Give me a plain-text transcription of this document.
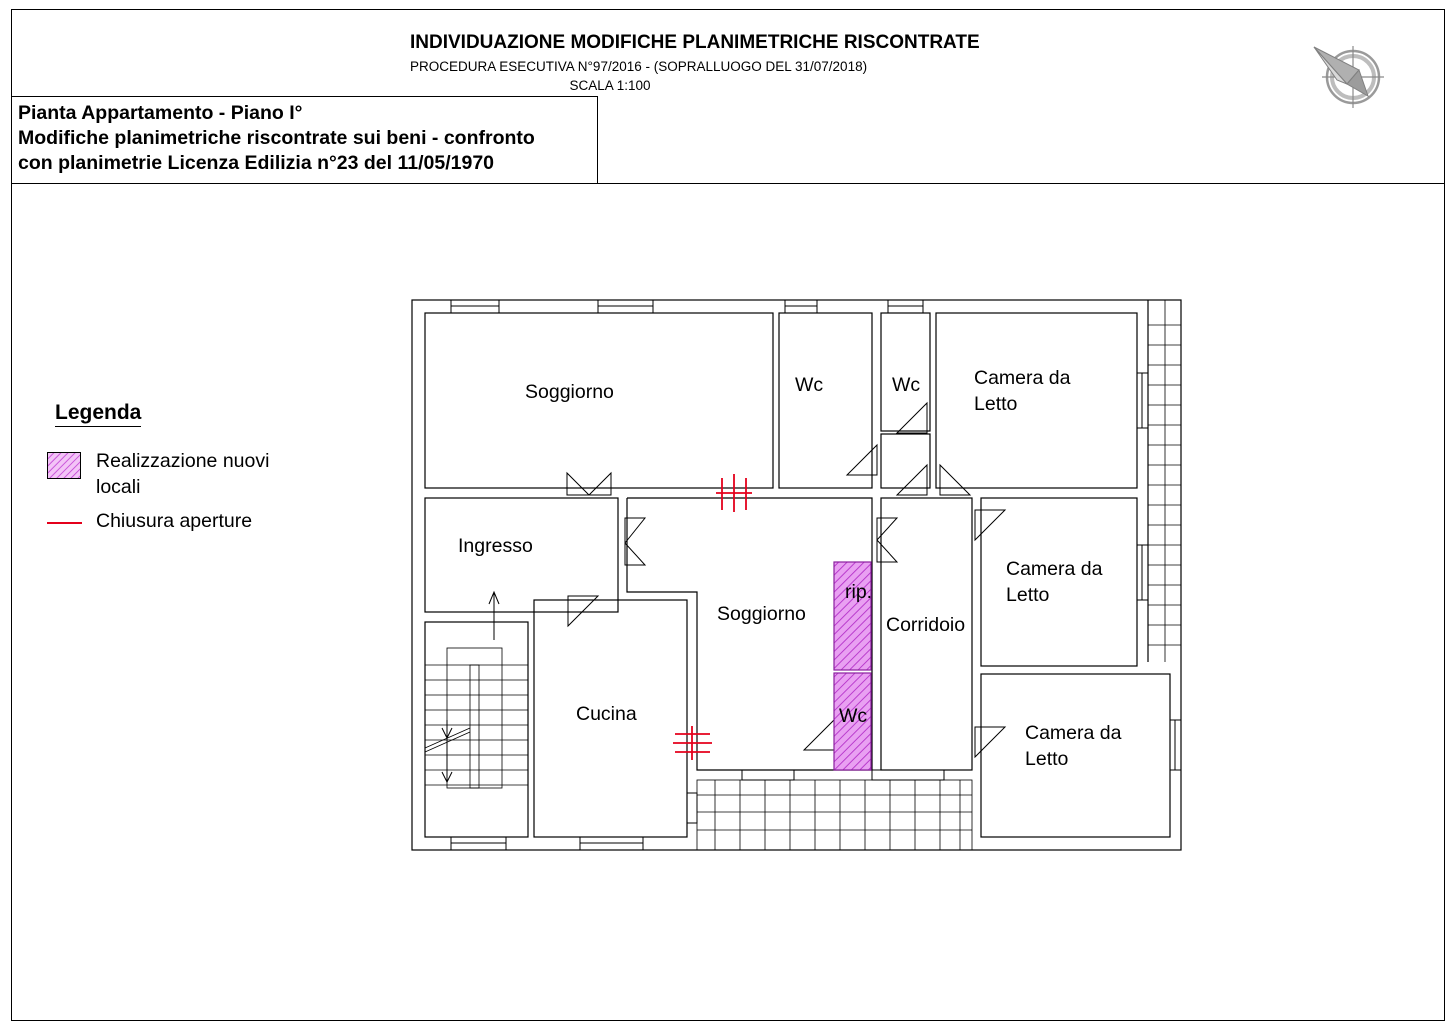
INDIVIDUAZIONE MODIFICHE PLANIMETRICHE RISCONTRATE
PROCEDURA ESECUTIVA N°97/2016 - (SOPRALLUOGO DEL 31/07/2018)
SCALA 1:100
Pianta Appartamento - Piano I°
Modifiche planimetriche riscontrate sui beni - confronto
con planimetrie Licenza Edilizia n°23 del 11/05/1970
Legenda
Realizzazione nuovi locali
Chiusura aperture
Soggiorno	Wc	Wc	Camera da
Letto
Ingresso
Soggiorno
rip.
Corridoio
Camera da
Letto
Cucina	Wc
Camera da
Letto
